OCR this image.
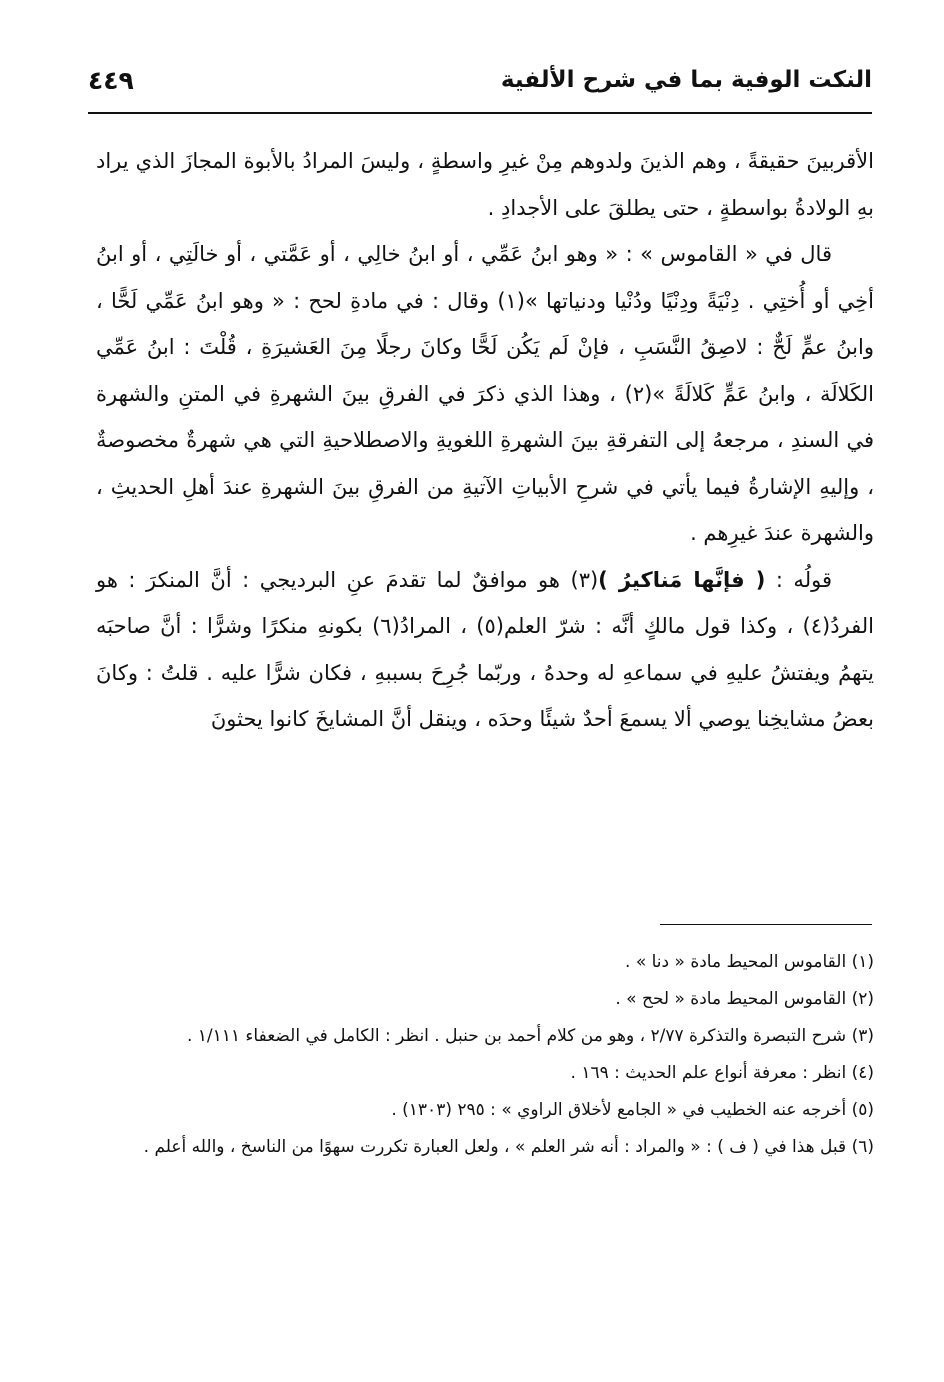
النكت الوفية بما في شرح الألفية
٤٤٩

الأقربينَ حقيقةً ، وهم الذينَ ولدوهم مِنْ غيرِ واسطةٍ ، وليسَ المرادُ بالأبوة المجازَ الذي يراد بهِ الولادةُ بواسطةٍ ، حتى يطلقَ على الأجدادِ .

قال في « القاموس » : « وهو ابنُ عَمِّي ، أو ابنُ خالِي ، أو عَمَّتي ، أو خالَتِي ، أو ابنُ أخِي أو أُختِي . دِنْيَةً ودِنْيًا ودُنْيا ودنياتها »(١) وقال : في مادةِ لحح : « وهو ابنُ عَمِّي لَحًّا ، وابنُ عمٍّ لَحٌّ : لاصِقُ النَّسَبِ ، فإنْ لَم يَكُن لَحًّا وكانَ رجلًا مِنَ العَشيرَةِ ، قُلْتَ : ابنُ عَمِّي الكَلالَة ، وابنُ عَمٍّ كَلالَةً »(٢) ، وهذا الذي ذكرَ في الفرقِ بينَ الشهرةِ في المتنِ والشهرة في السندِ ، مرجعهُ إلى التفرقةِ بينَ الشهرةِ اللغويةِ والاصطلاحيةِ التي هي شهرةٌ مخصوصةٌ ، وإليهِ الإشارةُ فيما يأتي في شرحِ الأبياتِ الآتيةِ من الفرقِ بينَ الشهرةِ عندَ أهلِ الحديثِ ، والشهرة عندَ غيرِهم .

قولُه : ( فإنَّها مَناكيرُ )(٣) هو موافقٌ لما تقدمَ عنِ البرديجي : أنَّ المنكرَ : هو الفردُ(٤) ، وكذا قول مالكٍ أنَّه : شرّ العلم(٥) ، المرادُ(٦) بكونهِ منكرًا وشرًّا : أنَّ صاحبَه يتهمُ ويفتشُ عليهِ في سماعهِ له وحدهُ ، وربّما جُرِحَ بسببهِ ، فكان شرًّا عليه . قلتُ : وكانَ بعضُ مشايخِنا يوصي ألا يسمعَ أحدٌ شيئًا وحدَه ، وينقل أنَّ المشايخَ كانوا يحثونَ

(١) القاموس المحيط مادة « دنا » .

(٢) القاموس المحيط مادة « لحح » .

(٣) شرح التبصرة والتذكرة ٢/٧٧ ، وهو من كلام أحمد بن حنبل . انظر : الكامل في الضعفاء ١/١١١ .

(٤) انظر : معرفة أنواع علم الحديث : ١٦٩ .

(٥) أخرجه عنه الخطيب في « الجامع لأخلاق الراوي » : ٢٩٥ (١٣٠٣) .

(٦) قبل هذا في ( ف ) : « والمراد : أنه شر العلم » ، ولعل العبارة تكررت سهوًا من الناسخ ، والله أعلم .
